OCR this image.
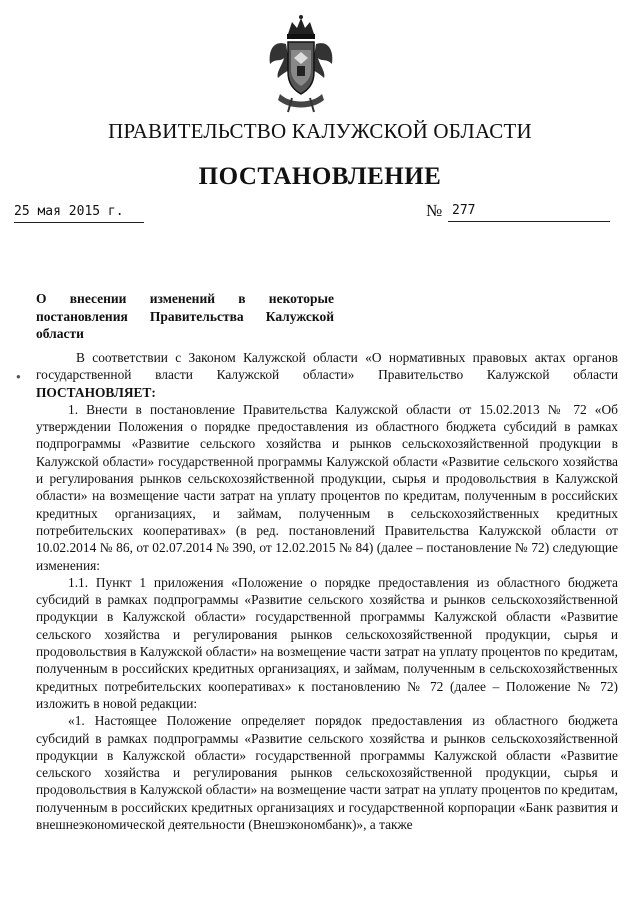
ПРАВИТЕЛЬСТВО КАЛУЖСКОЙ ОБЛАСТИ
ПОСТАНОВЛЕНИЕ
25 мая 2015 г.	№ 277
О внесении изменений в некоторые постановления Правительства Калужской
области
●

В соответствии с Законом Калужской области «О нормативных правовых актах органов государственной власти Калужской области» Правительство Калужской области ПОСТАНОВЛЯЕТ:

1. Внести в постановление Правительства Калужской области от 15.02.2013 № 72 «Об утверждении Положения о порядке предоставления из областного бюджета субсидий в рамках подпрограммы «Развитие сельского хозяйства и рынков сельскохозяйственной продукции в Калужской области» государственной программы Калужской области «Развитие сельского хозяйства и регулирования рынков сельскохозяйственной продукции, сырья и продовольствия в Калужской области» на возмещение части затрат на уплату процентов по кредитам, полученным в российских кредитных организациях, и займам, полученным в сельскохозяйственных кредитных потребительских кооперативах» (в ред. постановлений Правительства Калужской области от 10.02.2014 № 86, от 02.07.2014 № 390, от 12.02.2015 № 84) (далее – постановление № 72) следующие изменения:

1.1. Пункт 1 приложения «Положение о порядке предоставления из областного бюджета субсидий в рамках подпрограммы «Развитие сельского хозяйства и рынков сельскохозяйственной продукции в Калужской области» государственной программы Калужской области «Развитие сельского хозяйства и регулирования рынков сельскохозяйственной продукции, сырья и продовольствия в Калужской области» на возмещение части затрат на уплату процентов по кредитам, полученным в российских кредитных организациях, и займам, полученным в сельскохозяйственных кредитных потребительских кооперативах» к постановлению № 72 (далее – Положение № 72) изложить в новой редакции:

«1. Настоящее Положение определяет порядок предоставления из областного бюджета субсидий в рамках подпрограммы «Развитие сельского хозяйства и рынков сельскохозяйственной продукции в Калужской области» государственной программы Калужской области «Развитие сельского хозяйства и регулирования рынков сельскохозяйственной продукции, сырья и продовольствия в Калужской области» на возмещение части затрат на уплату процентов по кредитам, полученным в российских кредитных организациях и государственной корпорации «Банк развития и внешнеэкономической деятельности (Внешэкономбанк)», а также
